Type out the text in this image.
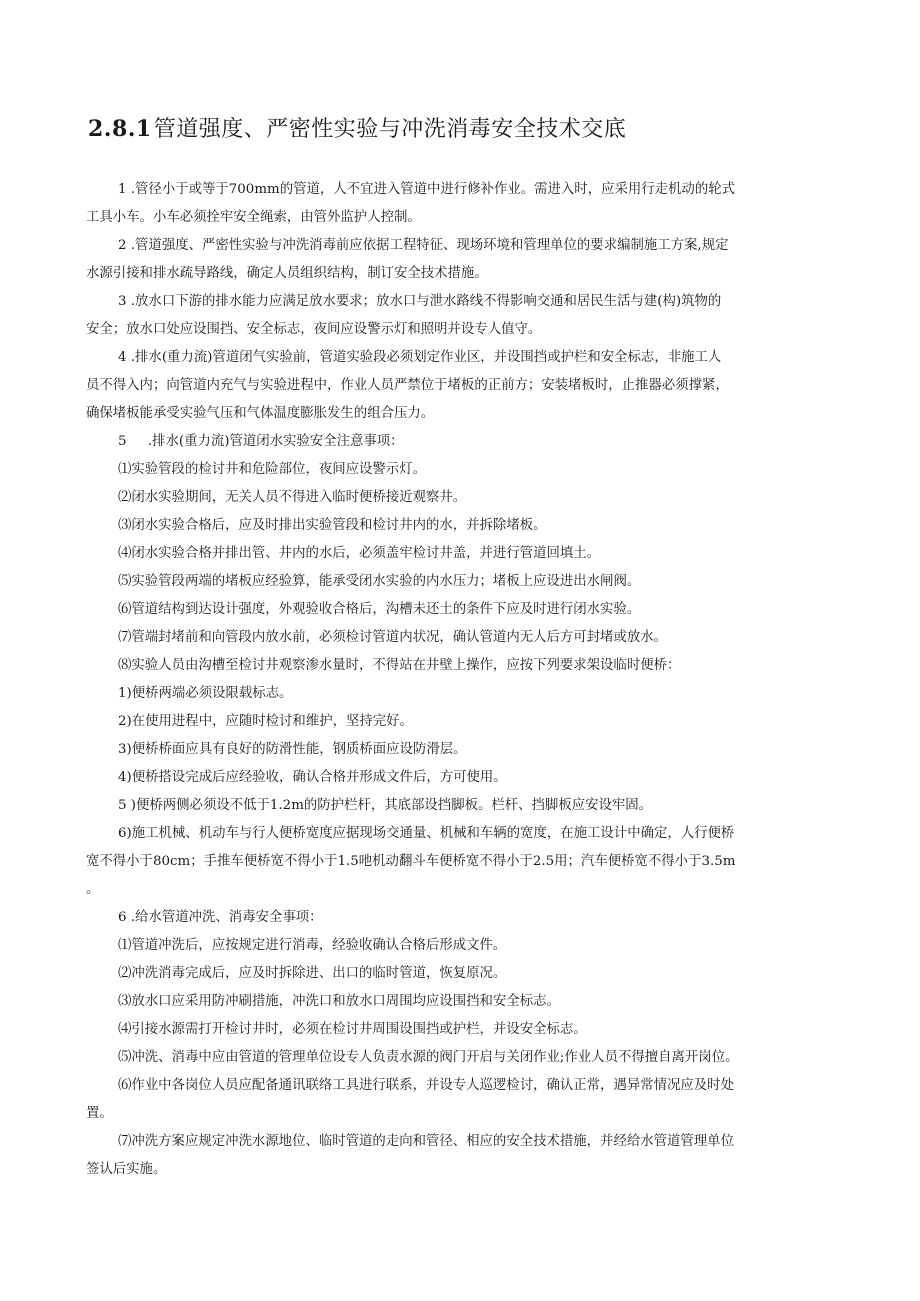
2.8.1管道强度、严密性实验与冲洗消毒安全技术交底

1 .管径小于或等于700mm的管道，人不宜进入管道中进行修补作业。需进入时，应采用行走机动的轮式

工具小车。小车必须拴牢安全绳索，由管外监护人控制。

2 .管道强度、严密性实验与冲洗消毒前应依据工程特征、现场环境和管理单位的要求编制施工方案,规定

水源引接和排水疏导路线，确定人员组织结构，制订安全技术措施。

3 .放水口下游的排水能力应满足放水要求；放水口与泄水路线不得影响交通和居民生活与建(构)筑物的

安全；放水口处应设围挡、安全标志，夜间应设警示灯和照明并设专人值守。

4 .排水(重力流)管道闭气实验前，管道实验段必须划定作业区，并设围挡或护栏和安全标志，非施工人

员不得入内；向管道内充气与实验进程中，作业人员严禁位于堵板的正前方；安装堵板时，止推器必须撑紧，

确保堵板能承受实验气压和气体温度膨胀发生的组合压力。

5     .排水(重力流)管道闭水实验安全注意事项：

⑴实验管段的检讨井和危险部位，夜间应设警示灯。

⑵闭水实验期间，无关人员不得进入临时便桥接近观察井。

⑶闭水实验合格后，应及时排出实验管段和检讨井内的水，并拆除堵板。

⑷闭水实验合格并排出管、井内的水后，必须盖牢检讨井盖，并进行管道回填土。

⑸实验管段两端的堵板应经验算，能承受闭水实验的内水压力；堵板上应设进出水闸阀。

⑹管道结构到达设计强度，外观验收合格后，沟槽未还土的条件下应及时进行闭水实验。

⑺管端封堵前和向管段内放水前，必须检讨管道内状况，确认管道内无人后方可封堵或放水。

⑻实验人员由沟槽至检讨井观察渗水量时，不得站在井壁上操作，应按下列要求架设临时便桥：

1)便桥两端必须设限载标志。

2)在使用进程中，应随时检讨和维护，坚持完好。

3)便桥桥面应具有良好的防滑性能，钢质桥面应设防滑层。

4)便桥搭设完成后应经验收，确认合格并形成文件后，方可使用。

5 )便桥两侧必须设不低于1.2m的防护栏杆，其底部设挡脚板。栏杆、挡脚板应安设牢固。

6)施工机械、机动车与行人便桥宽度应据现场交通量、机械和车辆的宽度，在施工设计中确定，人行便桥

宽不得小于80cm；手推车便桥宽不得小于1.5吔机动翻斗车便桥宽不得小于2.5用；汽车便桥宽不得小于3.5m

。

6 .给水管道冲洗、消毒安全事项：

⑴管道冲洗后，应按规定进行消毒，经验收确认合格后形成文件。

⑵冲洗消毒完成后，应及时拆除进、出口的临时管道，恢复原况。

⑶放水口应采用防冲刷措施，冲洗口和放水口周围均应设围挡和安全标志。

⑷引接水源需打开检讨井时，必须在检讨井周围设围挡或护栏，并设安全标志。

⑸冲洗、消毒中应由管道的管理单位设专人负责水源的阀门开启与关闭作业;作业人员不得擅自离开岗位。

⑹作业中各岗位人员应配备通讯联络工具进行联系，并设专人巡逻检讨，确认正常，遇异常情况应及时处

置。

⑺冲洗方案应规定冲洗水源地位、临时管道的走向和管径、相应的安全技术措施，并经给水管道管理单位

签认后实施。
